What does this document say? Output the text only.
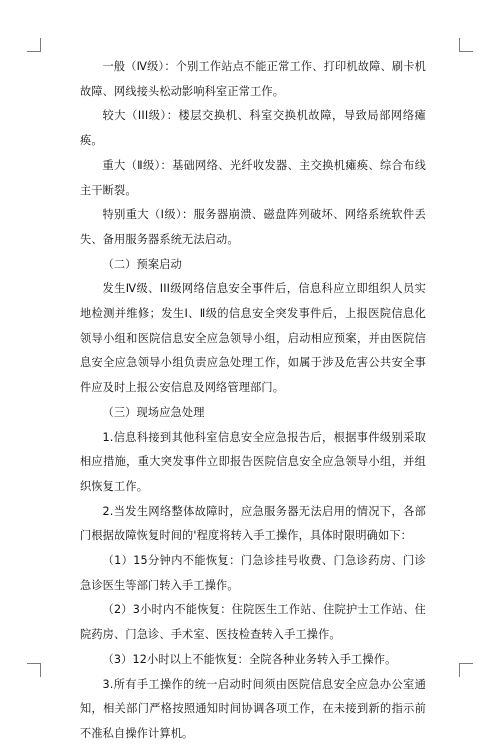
一般（Ⅳ级）：个别工作站点不能正常工作、打印机故障、刷卡机故障、网线接头松动影响科室正常工作。

较大（III级）：楼层交换机、科室交换机故障，导致局部网络瘫痪。

重大（Ⅱ级）：基础网络、光纤收发器、主交换机瘫痪、综合布线主干断裂。

特别重大（Ⅰ级）：服务器崩溃、磁盘阵列破坏、网络系统软件丢失、备用服务器系统无法启动。

（二）预案启动

发生Ⅳ级、III级网络信息安全事件后，信息科应立即组织人员实地检测并维修；发生Ⅰ、Ⅱ级的信息安全突发事件后，上报医院信息化领导小组和医院信息安全应急领导小组，启动相应预案，并由医院信息安全应急领导小组负责应急处理工作，如属于涉及危害公共安全事件应及时上报公安信息及网络管理部门。

（三）现场应急处理

1.信息科接到其他科室信息安全应急报告后，根据事件级别采取相应措施，重大突发事件立即报告医院信息安全应急领导小组，并组织恢复工作。

2.当发生网络整体故障时，应急服务器无法启用的情况下，各部门根据故障恢复时间的'程度将转入手工操作，具体时限明确如下：

（1）15分钟内不能恢复：门急诊挂号收费、门急诊药房、门诊急诊医生等部门转入手工操作。

（2）3小时内不能恢复：住院医生工作站、住院护士工作站、住院药房、门急诊、手术室、医技检查转入手工操作。

（3）12小时以上不能恢复：全院各种业务转入手工操作。

3.所有手工操作的统一启动时间须由医院信息安全应急办公室通知，相关部门严格按照通知时间协调各项工作，在未接到新的指示前不准私自操作计算机。
